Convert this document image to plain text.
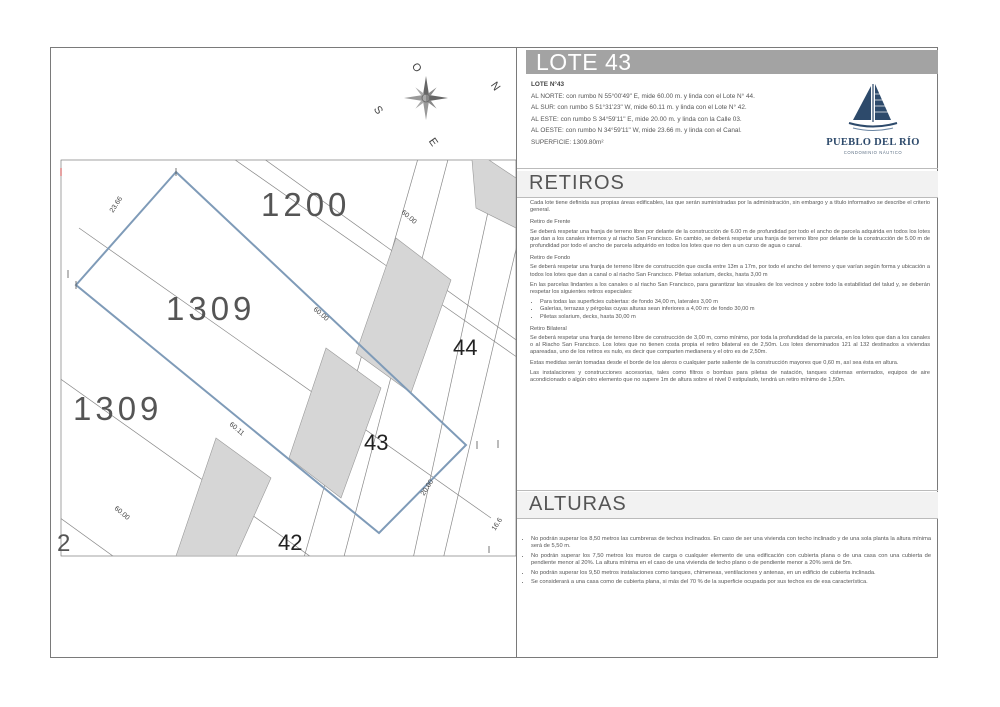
O
N
S
E
1200
1309
1309
2
44
43
42
23.66
60.00
60.00
60.11
20.00
60.00
16.6
LOTE 43
LOTE N°43
AL NORTE: con rumbo N 55°00'49" E, mide 60.00 m. y linda con el Lote N° 44.
AL SUR: con rumbo S 51°31'23" W, mide 60.11 m. y linda con el Lote N° 42.
AL ESTE: con rumbo S 34°59'11" E, mide 20.00 m. y linda con la Calle 03.
AL OESTE: con rumbo N 34°59'11" W, mide 23.66 m. y linda con el Canal.
SUPERFICIE: 1309.80m²	PUEBLO DEL RÍO
CONDOMINIO NÁUTICO
RETIROS

Cada lote tiene definida sus propias áreas edificables, las que serán suministradas por la administración, sin embargo y a título informativo se describe el criterio general.

Retiro de Frente

Se deberá respetar una franja de terreno libre por delante de la construcción de 6.00 m de profundidad por todo el ancho de parcela adquirida en todos los lotes que dan a los canales internos y al riacho San Francisco. En cambio, se deberá respetar una franja de terreno libre por delante de la construcción de 5.00 m de profundidad por todo el ancho de parcela adquirido en todos los lotes que no den a un curso de agua o canal.

Retiro de Fondo

Se deberá respetar una franja de terreno libre de construcción que oscila entre 13m a 17m, por todo el ancho del terreno y que varían según forma y ubicación a todos los lotes que dan a canal o al riacho San Francisco. Piletas solarium, decks, hasta 3,00 m

En las parcelas lindantes a los canales o al riacho San Francisco, para garantizar las visuales de los vecinos y sobre todo la estabilidad del talud y, se deberán respetar los siguientes retiros especiales:

• Para todas las superficies cubiertas: de fondo 34,00 m, laterales 3,00 m
• Galerías, terrazas y pérgolas cuyas alturas sean inferiores a 4,00 m: de fondo 30,00 m
• Piletas solarium, decks, hasta 30,00 m

Retiro Bilateral

Se deberá respetar una franja de terreno libre de construcción de 3,00 m, como mínimo, por toda la profundidad de la parcela, en los lotes que dan a los canales o al Riacho San Francisco. Los lotes que no tienen costa propia el retiro bilateral es de 2,50m. Los lotes denominados 121 al 132 destinados a viviendas apareadas, uno de los retiros es nulo, es decir que comparten medianera y el otro es de 2,50m.

Estas medidas serán tomadas desde el borde de los aleros o cualquier parte saliente de la construcción mayores que 0,60 m, así sea ésta en altura.

Las instalaciones y construcciones accesorias, tales como filtros o bombas para piletas de natación, tanques cisternas enterrados, equipos de aire acondicionado o algún otro elemento que no supere 1m de altura sobre el nivel 0 estipulado, tendrá un retiro mínimo de 1,50m.

ALTURAS
• No podrán superar los 8,50 metros las cumbreras de techos inclinados. En caso de ser una vivienda con techo inclinado y de una sola planta la altura mínima será de 5,50 m.
• No podrán superar los 7,50 metros los muros de carga o cualquier elemento de una edificación con cubierta plana o de una casa con una cubierta de pendiente menor al 20%. La altura mínima en el caso de una vivienda de techo plano o de pendiente menor a 20% será de 5m.
• No podrán superar los 9,50 metros instalaciones como tanques, chimeneas, ventilaciones y antenas, en un edificio de cubierta inclinada.
• Se considerará a una casa como de cubierta plana, si más del 70 % de la superficie ocupada por sus techos es de esa característica.
